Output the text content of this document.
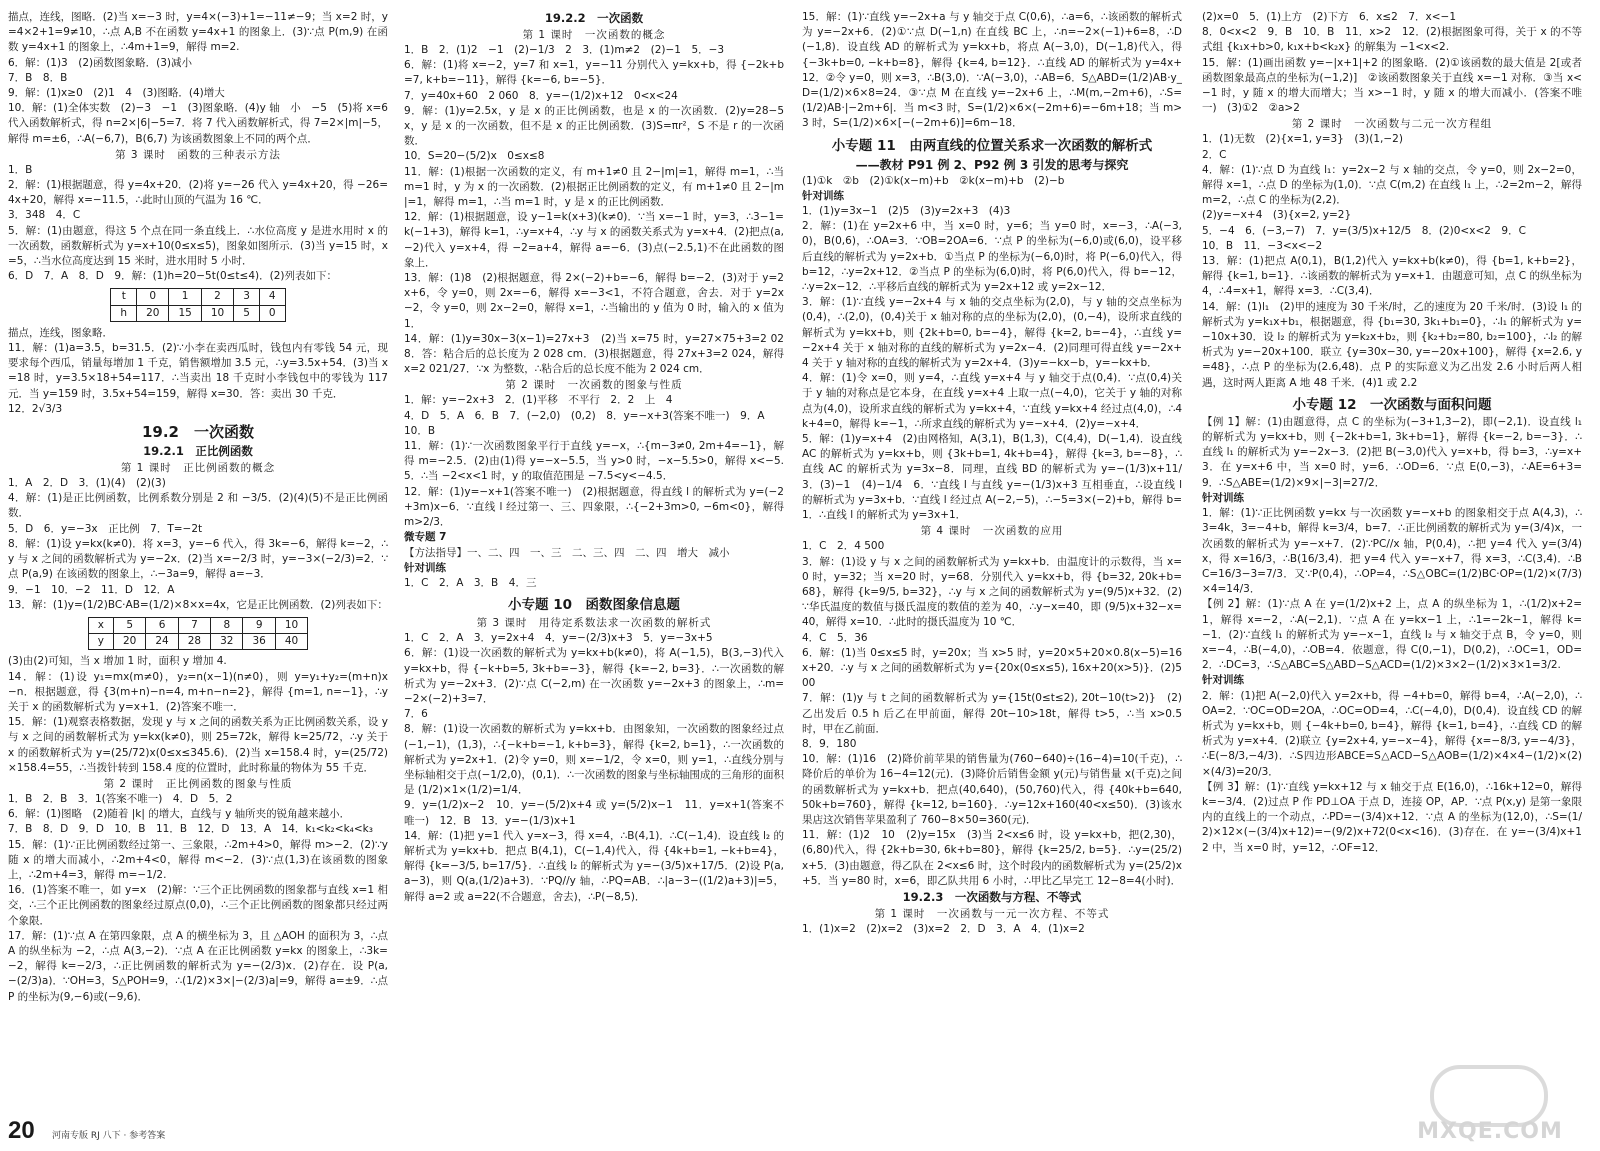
描点，连线，图略．(2)当 x=−3 时，y=4×(−3)+1=−11≠−9；当 x=2 时，y=4×2+1=9≠10，∴点 A,B 不在函数 y=4x+1 的图象上．(3)∵点 P(m,9) 在函数 y=4x+1 的图象上，∴4m+1=9，解得 m=2.

6．解：(1)3　(2)函数图象略．(3)减小

7．B　8．B

9．解：(1)x≥0　(2)1　4　(3)图略．(4)增大

10．解：(1)全体实数　(2)−3　−1　(3)图象略．(4)y 轴　小　−5　(5)将 x=6 代入函数解析式，得 n=2×|6|−5=7．将 7 代入函数解析式，得 7=2×|m|−5，解得 m=±6，∴A(−6,7)，B(6,7) 为该函数图象上不同的两个点．

第 3 课时　函数的三种表示方法

1．B

2．解：(1)根据题意，得 y=4x+20．(2)将 y=−26 代入 y=4x+20，得 −26=4x+20，解得 x=−11.5，∴此时山顶的气温为 16 ℃．

3．348　4．C

5．解：(1)由题意，得这 5 个点在同一条直线上．∴水位高度 y 是进水用时 x 的一次函数，函数解析式为 y=x+10(0≤x≤5)，图象如图所示．(3)当 y=15 时，x=5，∴当水位高度达到 15 米时，进水用时 5 小时．

6．D　7．A　8．D　9．解：(1)h=20−5t(0≤t≤4)．(2)列表如下：

t	0	1	2	3	4
h	20	15	10	5	0

描点，连线，图象略．

11．解：(1)a=3.5，b=31.5．(2)∵小李在卖西瓜时，钱包内有零钱 54 元，现要求每个西瓜，销量每增加 1 千克，销售额增加 3.5 元，∴y=3.5x+54．(3)当 x=18 时，y=3.5×18+54=117．∴当卖出 18 千克时小李钱包中的零钱为 117 元．当 y=159 时，3.5x+54=159，解得 x=30．答：卖出 30 千克．

12．2√3/3

19.2　一次函数
19.2.1　正比例函数
第 1 课时　正比例函数的概念

1．A　2．D　3．(1)(4)　(2)(3)

4．解：(1)是正比例函数，比例系数分别是 2 和 −3/5．(2)(4)(5)不是正比例函数．

5．D　6．y=−3x　正比例　7．T=−2t

8．解：(1)设 y=kx(k≠0)．将 x=3，y=−6 代入，得 3k=−6，解得 k=−2，∴y 与 x 之间的函数解析式为 y=−2x．(2)当 x=−2/3 时，y=−3×(−2/3)=2．∵点 P(a,9) 在该函数的图象上，∴−3a=9，解得 a=−3．

9．−1　10．−2　11．D　12．A

13．解：(1)y=(1/2)BC·AB=(1/2)×8×x=4x，它是正比例函数．(2)列表如下：

x	5	6	7	8	9	10
y	20	24	28	32	36	40

(3)由(2)可知，当 x 增加 1 时，面积 y 增加 4.

14．解：(1)设 y₁=mx(m≠0)，y₂=n(x−1)(n≠0)，则 y=y₁+y₂=(m+n)x−n．根据题意，得 {3(m+n)−n=4, m+n−n=2}，解得 {m=1, n=−1}，∴y 关于 x 的函数解析式为 y=x+1．(2)答案不唯一．

15．解：(1)观察表格数据，发现 y 与 x 之间的函数关系为正比例函数关系，设 y 与 x 之间的函数解析式为 y=kx(k≠0)，则 25=72k，解得 k=25/72，∴y 关于 x 的函数解析式为 y=(25/72)x(0≤x≤345.6)．(2)当 x=158.4 时，y=(25/72)×158.4=55，∴当拨针转到 158.4 度的位置时，此时称量的物体为 55 千克．

第 2 课时　正比例函数的图象与性质

1．B　2．B　3．1(答案不唯一)　4．D　5．2

6．解：(1)图略　(2)随着 |k| 的增大，直线与 y 轴所夹的锐角越来越小．

7．B　8．D　9．D　10．B　11．B　12．D　13．A　14．k₁<k₂<k₄<k₃

15．解：(1)∵正比例函数经过第一、三象限，∴2m+4>0，解得 m>−2．(2)∵y 随 x 的增大而减小，∴2m+4<0，解得 m<−2．(3)∵点(1,3)在该函数的图象上，∴2m+4=3，解得 m=−1/2.

16．(1)答案不唯一，如 y=x　(2)解：∵三个正比例函数的图象都与直线 x=1 相交，∴三个正比例函数的图象经过原点(0,0)，∴三个正比例函数的图象都只经过两个象限．

17．解：(1)∵点 A 在第四象限，点 A 的横坐标为 3，且 △AOH 的面积为 3，∴点 A 的纵坐标为 −2，∴点 A(3,−2)．∵点 A 在正比例函数 y=kx 的图象上，∴3k=−2，解得 k=−2/3，∴正比例函数的解析式为 y=−(2/3)x．(2)存在．设 P(a,−(2/3)a)．∵OH=3，S△POH=9，∴(1/2)×3×|−(2/3)a|=9，解得 a=±9．∴点 P 的坐标为(9,−6)或(−9,6)．

19.2.2　一次函数
第 1 课时　一次函数的概念

1．B　2．(1)2　−1　(2)−1/3　2　3．(1)m≠2　(2)−1　5．−3

6．解：(1)将 x=−2，y=7 和 x=1，y=−11 分别代入 y=kx+b，得 {−2k+b=7, k+b=−11}，解得 {k=−6, b=−5}．

7．y=40x+60　2 060　8．y=−(1/2)x+12　0<x<24

9．解：(1)y=2.5x，y 是 x 的正比例函数，也是 x 的一次函数．(2)y=28−5x，y 是 x 的一次函数，但不是 x 的正比例函数．(3)S=πr²，S 不是 r 的一次函数．

10．S=20−(5/2)x　0≤x≤8

11．解：(1)根据一次函数的定义，有 m+1≠0 且 2−|m|=1，解得 m=1，∴当 m=1 时，y 为 x 的一次函数．(2)根据正比例函数的定义，有 m+1≠0 且 2−|m|=1，解得 m=1，∴当 m=1 时，y 是 x 的正比例函数．

12．解：(1)根据题意，设 y−1=k(x+3)(k≠0)．∵当 x=−1 时，y=3，∴3−1=k(−1+3)，解得 k=1，∴y=x+4，∴y 与 x 的函数关系式为 y=x+4．(2)把点(a,−2)代入 y=x+4，得 −2=a+4，解得 a=−6．(3)点(−2.5,1)不在此函数的图象上．

13．解：(1)8　(2)根据题意，得 2×(−2)+b=−6，解得 b=−2．(3)对于 y=2x+6，令 y=0，则 2x=−6，解得 x=−3<1，不符合题意，舍去．对于 y=2x−2，令 y=0，则 2x−2=0，解得 x=1，∴当输出的 y 值为 0 时，输入的 x 值为 1．

14．解：(1)y=30x−3(x−1)=27x+3　(2)当 x=75 时，y=27×75+3=2 028．答：粘合后的总长度为 2 028 cm．(3)根据题意，得 27x+3=2 024，解得 x=2 021/27．∵x 为整数，∴粘合后的总长度不能为 2 024 cm．

第 2 课时　一次函数的图象与性质

1．解：y=−2x+3　2．(1)平移　不平行　2．2　上　4

4．D　5．A　6．B　7．(−2,0)　(0,2)　8．y=−x+3(答案不唯一)　9．A

10．B

11．解：(1)∵一次函数图象平行于直线 y=−x，∴{m−3≠0, 2m+4=−1}，解得 m=−2.5．(2)由(1)得 y=−x−5.5，当 y>0 时，−x−5.5>0，解得 x<−5.5．∴当 −2<x<1 时，y 的取值范围是 −7.5<y<−4.5．

12．解：(1)y=−x+1(答案不唯一)　(2)根据题意，得直线 l 的解析式为 y=(−2+3m)x−6．∵直线 l 经过第一、三、四象限，∴{−2+3m>0, −6m<0}，解得 m>2/3．

微专题 7

【方法指导】一、二、四　一、三　二、三、四　二、四　增大　减小

针对训练

1．C　2．A　3．B　4．三

小专题 10　函数图象信息题
第 3 课时　用待定系数法求一次函数的解析式

1．C　2．A　3．y=2x+4　4．y=−(2/3)x+3　5．y=−3x+5

6．解：(1)设一次函数的解析式为 y=kx+b(k≠0)，将 A(−1,5)，B(3,−3)代入 y=kx+b，得 {−k+b=5, 3k+b=−3}，解得 {k=−2, b=3}．∴一次函数的解析式为 y=−2x+3．(2)∵点 C(−2,m) 在一次函数 y=−2x+3 的图象上，∴m=−2×(−2)+3=7．

7．6

8．解：(1)设一次函数的解析式为 y=kx+b．由图象知，一次函数的图象经过点(−1,−1)，(1,3)，∴{−k+b=−1, k+b=3}，解得 {k=2, b=1}，∴一次函数的解析式为 y=2x+1．(2)令 y=0，则 x=−1/2，令 x=0，则 y=1，∴直线分别与坐标轴相交于点(−1/2,0)，(0,1)．∴一次函数的图象与坐标轴围成的三角形的面积是 (1/2)×1×(1/2)=1/4．

9．y=(1/2)x−2　10．y=−(5/2)x+4 或 y=(5/2)x−1　11．y=x+1(答案不唯一)　12．B　13．y=−(1/3)x+1

14．解：(1)把 y=1 代入 y=x−3，得 x=4，∴B(4,1)．∴C(−1,4)．设直线 l₂ 的解析式为 y=kx+b．把点 B(4,1)，C(−1,4)代入，得 {4k+b=1, −k+b=4}，解得 {k=−3/5, b=17/5}．∴直线 l₂ 的解析式为 y=−(3/5)x+17/5．(2)设 P(a,a−3)，则 Q(a,(1/2)a+3)．∵PQ//y 轴，∴PQ=AB．∴|a−3−((1/2)a+3)|=5，解得 a=2 或 a=22(不合题意，舍去)，∴P(−8,5)．

15．解：(1)∵直线 y=−2x+a 与 y 轴交于点 C(0,6)，∴a=6，∴该函数的解析式为 y=−2x+6．(2)①∵点 D(−1,n) 在直线 BC 上，∴n=−2×(−1)+6=8，∴D(−1,8)．设直线 AD 的解析式为 y=kx+b，将点 A(−3,0)，D(−1,8)代入，得 {−3k+b=0, −k+b=8}，解得 {k=4, b=12}．∴直线 AD 的解析式为 y=4x+12．②令 y=0，则 x=3，∴B(3,0)．∵A(−3,0)，∴AB=6．S△ABD=(1/2)AB·y_D=(1/2)×6×8=24．③∵点 M 在直线 y=−2x+6 上，∴M(m,−2m+6)，∴S=(1/2)AB·|−2m+6|．当 m<3 时，S=(1/2)×6×(−2m+6)=−6m+18；当 m>3 时，S=(1/2)×6×[−(−2m+6)]=6m−18．

小专题 11　由两直线的位置关系求一次函数的解析式
——教材 P91 例 2、P92 例 3 引发的思考与探究

(1)①k　②b　(2)①k(x−m)+b　②k(x−m)+b　(2)−b

针对训练

1．(1)y=3x−1　(2)5　(3)y=2x+3　(4)3

2．解：(1)在 y=2x+6 中，当 x=0 时，y=6；当 y=0 时，x=−3，∴A(−3,0)，B(0,6)，∴OA=3．∵OB=2OA=6．∵点 P 的坐标为(−6,0)或(6,0)，设平移后直线的解析式为 y=2x+b．①当点 P 的坐标为(−6,0)时，将 P(−6,0)代入，得 b=12，∴y=2x+12．②当点 P 的坐标为(6,0)时，将 P(6,0)代入，得 b=−12，∴y=2x−12．∴平移后直线的解析式为 y=2x+12 或 y=2x−12．

3．解：(1)∵直线 y=−2x+4 与 x 轴的交点坐标为(2,0)，与 y 轴的交点坐标为(0,4)，∴(2,0)，(0,4)关于 x 轴对称的点的坐标为(2,0)，(0,−4)，设所求直线的解析式为 y=kx+b，则 {2k+b=0, b=−4}，解得 {k=2, b=−4}，∴直线 y=−2x+4 关于 x 轴对称的直线的解析式为 y=2x−4．(2)同理可得直线 y=−2x+4 关于 y 轴对称的直线的解析式为 y=2x+4．(3)y=−kx−b，y=−kx+b．

4．解：(1)令 x=0，则 y=4，∴直线 y=x+4 与 y 轴交于点(0,4)．∵点(0,4)关于 y 轴的对称点是它本身，在直线 y=x+4 上取一点(−4,0)，它关于 y 轴的对称点为(4,0)，设所求直线的解析式为 y=kx+4，∵直线 y=kx+4 经过点(4,0)，∴4k+4=0，解得 k=−1，∴所求直线的解析式为 y=−x+4．(2)y=−x+4．

5．解：(1)y=x+4　(2)由网格知，A(3,1)，B(1,3)，C(4,4)，D(−1,4)．设直线 AC 的解析式为 y=kx+b，则 {3k+b=1, 4k+b=4}，解得 {k=3, b=−8}，∴直线 AC 的解析式为 y=3x−8．同理，直线 BD 的解析式为 y=−(1/3)x+11/3．(3)−1　(4)−1/4　6．∵直线 l 与直线 y=−(1/3)x+3 互相垂直，∴设直线 l 的解析式为 y=3x+b．∵直线 l 经过点 A(−2,−5)，∴−5=3×(−2)+b，解得 b=1．∴直线 l 的解析式为 y=3x+1．

第 4 课时　一次函数的应用

1．C　2．4 500

3．解：(1)设 y 与 x 之间的函数解析式为 y=kx+b．由温度计的示数得，当 x=0 时，y=32；当 x=20 时，y=68．分别代入 y=kx+b，得 {b=32, 20k+b=68}，解得 {k=9/5, b=32}，∴y 与 x 之间的函数解析式为 y=(9/5)x+32．(2)∵华氏温度的数值与摄氏温度的数值的差为 40，∴y−x=40，即 (9/5)x+32−x=40，解得 x=10．∴此时的摄氏温度为 10 ℃．

4．C　5．36

6．解：(1)当 0≤x≤5 时，y=20x；当 x>5 时，y=20×5+20×0.8(x−5)=16x+20．∴y 与 x 之间的函数解析式为 y={20x(0≤x≤5), 16x+20(x>5)}．(2)500

7．解：(1)y 与 t 之间的函数解析式为 y={15t(0≤t≤2), 20t−10(t>2)}　(2)乙出发后 0.5 h 后乙在甲前面，解得 20t−10>18t，解得 t>5，∴当 x>0.5 时，甲在乙前面．

8．9．180

10．解：(1)16　(2)降价前苹果的销售量为(760−640)÷(16−4)=10(千克)，∴降价后的单价为 16−4=12(元)．(3)降价后销售金额 y(元)与销售量 x(千克)之间的函数解析式为 y=kx+b．把点(40,640)，(50,760)代入，得 {40k+b=640, 50k+b=760}，解得 {k=12, b=160}．∴y=12x+160(40<x≤50)．(3)该水果店这次销售苹果盈利了 760−8×50=360(元)．

11．解：(1)2　10　(2)y=15x　(3)当 2<x≤6 时，设 y=kx+b，把(2,30)，(6,80)代入，得 {2k+b=30, 6k+b=80}，解得 {k=25/2, b=5}．∴y=(25/2)x+5．(3)由题意，得乙队在 2<x≤6 时，这个时段内的函数解析式为 y=(25/2)x+5．当 y=80 时，x=6，即乙队共用 6 小时，∴甲比乙早完工 12−8=4(小时)．

19.2.3　一次函数与方程、不等式
第 1 课时　一次函数与一元一次方程、不等式

1．(1)x=2　(2)x=2　(3)x=2　2．D　3．A　4．(1)x=2

(2)x=0　5．(1)上方　(2)下方　6．x≤2　7．x<−1

8．0<x<2　9．B　10．B　11．x>2　12．(2)根据图象可得，关于 x 的不等式组 {k₁x+b>0, k₁x+b<k₂x} 的解集为 −1<x<2.

15．解：(1)画出函数 y=−|x+1|+2 的图象略．(2)①该函数的最大值是 2[或者函数图象最高点的坐标为(−1,2)]　②该函数图象关于直线 x=−1 对称．③当 x<−1 时，y 随 x 的增大而增大；当 x>−1 时，y 随 x 的增大而减小．(答案不唯一)　(3)①2　②a>2

第 2 课时　一次函数与二元一次方程组

1．(1)无数　(2){x=1, y=3}　(3)(1,−2)

2．C

4．解：(1)∵点 D 为直线 l₁：y=2x−2 与 x 轴的交点，令 y=0，则 2x−2=0，解得 x=1，∴点 D 的坐标为(1,0)．∵点 C(m,2) 在直线 l₁ 上，∴2=2m−2，解得 m=2，∴点 C 的坐标为(2,2)．

(2)y=−x+4　(3){x=2, y=2}

5．−4　6．(−3,−7)　7．y=(3/5)x+12/5　8．(2)0<x<2　9．C

10．B　11．−3<x<−2

13．解：(1)把点 A(0,1)，B(1,2)代入 y=kx+b(k≠0)，得 {b=1, k+b=2}，解得 {k=1, b=1}．∴该函数的解析式为 y=x+1．由题意可知，点 C 的纵坐标为 4，∴4=x+1，解得 x=3．∴C(3,4)．

14．解：(1)l₁　(2)甲的速度为 30 千米/时，乙的速度为 20 千米/时．(3)设 l₁ 的解析式为 y=k₁x+b₁，根据题意，得 {b₁=30, 3k₁+b₁=0}，∴l₁ 的解析式为 y=−10x+30．设 l₂ 的解析式为 y=k₂x+b₂，则 {k₂+b₂=80, b₂=100}，∴l₂ 的解析式为 y=−20x+100．联立 {y=30x−30, y=−20x+100}，解得 {x=2.6, y=48}，∴点 P 的坐标为(2.6,48)．点 P 的实际意义为乙出发 2.6 小时后两人相遇，这时两人距离 A 地 48 千米．(4)1 或 2.2

小专题 12　一次函数与面积问题

【例 1】解：(1)由题意得，点 C 的坐标为(−3+1,3−2)，即(−2,1)．设直线 l₁ 的解析式为 y=kx+b，则 {−2k+b=1, 3k+b=1}，解得 {k=−2, b=−3}．∴直线 l₁ 的解析式为 y=−2x−3．(2)把 B(−3,0)代入 y=x+b，得 b=3，∴y=x+3．在 y=x+6 中，当 x=0 时，y=6．∴OD=6．∵点 E(0,−3)，∴AE=6+3=9．∴S△ABE=(1/2)×9×|−3|=27/2．

针对训练

1．解：(1)∵正比例函数 y=kx 与一次函数 y=−x+b 的图象相交于点 A(4,3)，∴3=4k，3=−4+b，解得 k=3/4，b=7．∴正比例函数的解析式为 y=(3/4)x，一次函数的解析式为 y=−x+7．(2)∵PC//x 轴，P(0,4)，∴把 y=4 代入 y=(3/4)x，得 x=16/3，∴B(16/3,4)．把 y=4 代入 y=−x+7，得 x=3，∴C(3,4)．∴BC=16/3−3=7/3．又∵P(0,4)，∴OP=4，∴S△OBC=(1/2)BC·OP=(1/2)×(7/3)×4=14/3．

【例 2】解：(1)∵点 A 在 y=(1/2)x+2 上，点 A 的纵坐标为 1，∴(1/2)x+2=1，解得 x=−2，∴A(−2,1)．∵点 A 在 y=kx−1 上，∴1=−2k−1，解得 k=−1．(2)∵直线 l₁ 的解析式为 y=−x−1，直线 l₂ 与 x 轴交于点 B，令 y=0，则 x=−4，∴B(−4,0)，∴OB=4．依题意，得 C(0,−1)，D(0,2)，∴OC=1，OD=2．∴DC=3，∴S△ABC=S△ABD−S△ACD=(1/2)×3×2−(1/2)×3×1=3/2.

针对训练

2．解：(1)把 A(−2,0)代入 y=2x+b，得 −4+b=0，解得 b=4，∴A(−2,0)，∴OA=2．∵OC=OD=2OA，∴OC=OD=4，∴C(−4,0)，D(0,4)．设直线 CD 的解析式为 y=kx+b，则 {−4k+b=0, b=4}，解得 {k=1, b=4}，∴直线 CD 的解析式为 y=x+4．(2)联立 {y=2x+4, y=−x−4}，解得 {x=−8/3, y=−4/3}，∴E(−8/3,−4/3)．∴S四边形ABCE=S△ACD−S△AOB=(1/2)×4×4−(1/2)×(2)×(4/3)=20/3．

【例 3】解：(1)∵直线 y=kx+12 与 x 轴交于点 E(16,0)，∴16k+12=0，解得 k=−3/4．(2)过点 P 作 PD⊥OA 于点 D，连接 OP，AP．∵点 P(x,y) 是第一象限内的直线上的一个动点，∴PD=−(3/4)x+12．∵点 A 的坐标为(12,0)，∴S=(1/2)×12×(−(3/4)x+12)=−(9/2)x+72(0<x<16)．(3)存在．在 y=−(3/4)x+12 中，当 x=0 时，y=12，∴OF=12．

20 河南专版 RJ 八下 · 参考答案	MXQE.COM
